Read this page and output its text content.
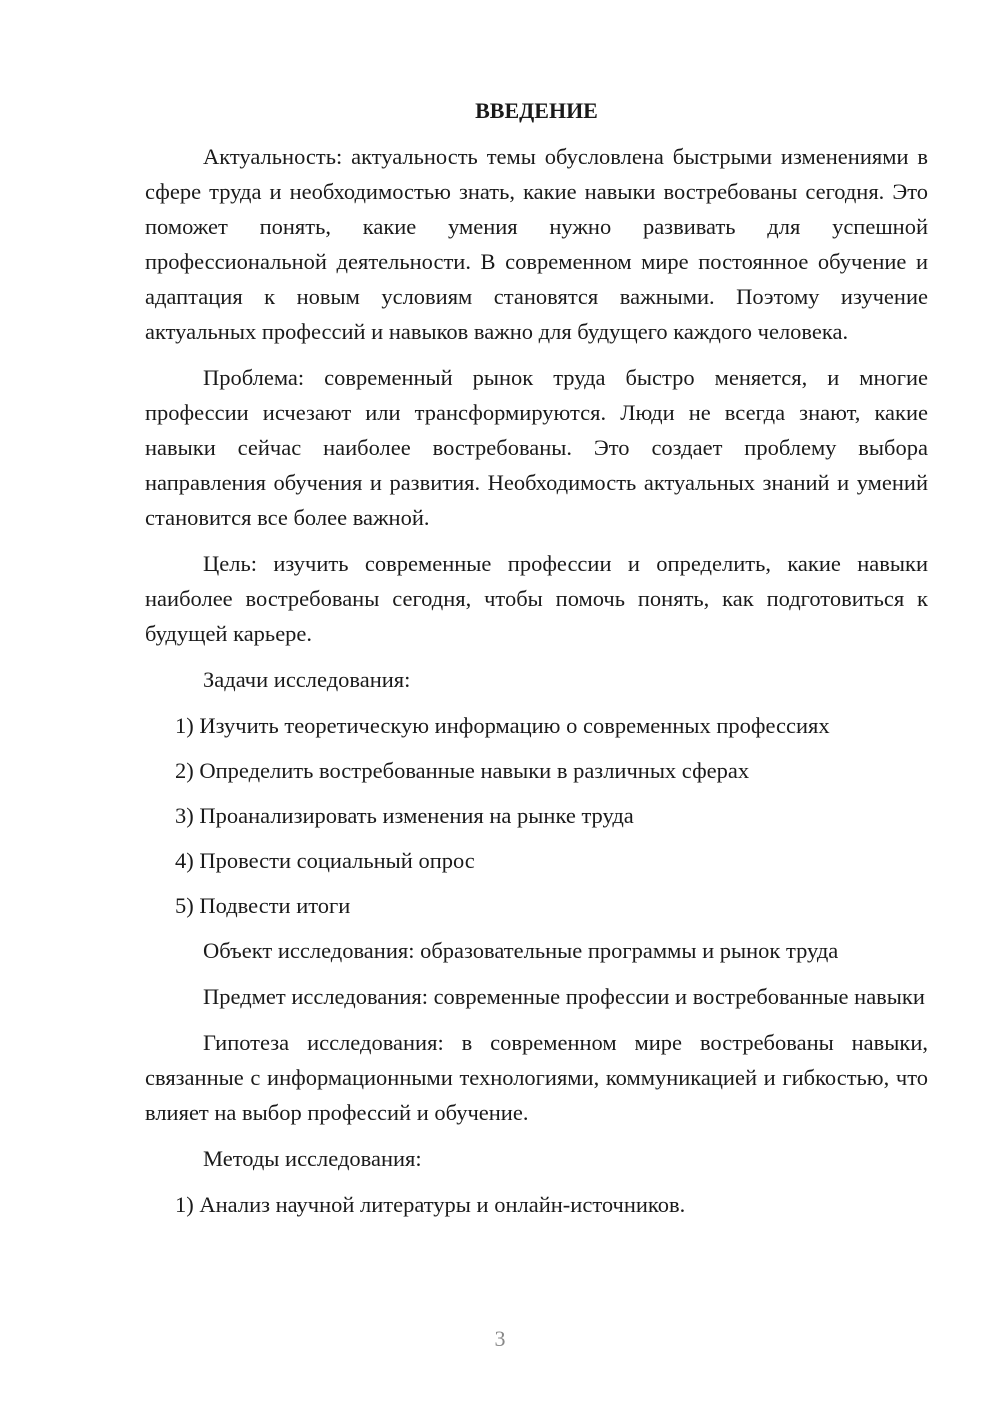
ВВЕДЕНИЕ

Актуальность: актуальность темы обусловлена быстрыми изменениями в сфере труда и необходимостью знать, какие навыки востребованы сегодня. Это поможет понять, какие умения нужно развивать для успешной профессиональной деятельности. В современном мире постоянное обучение и адаптация к новым условиям становятся важными. Поэтому изучение актуальных профессий и навыков важно для будущего каждого человека.

Проблема: современный рынок труда быстро меняется, и многие профессии исчезают или трансформируются. Люди не всегда знают, какие навыки сейчас наиболее востребованы. Это создает проблему выбора направления обучения и развития. Необходимость актуальных знаний и умений становится все более важной.

Цель: изучить современные профессии и определить, какие навыки наиболее востребованы сегодня, чтобы помочь понять, как подготовиться к будущей карьере.

Задачи исследования:

1) Изучить теоретическую информацию о современных профессиях
2) Определить востребованные навыки в различных сферах
3) Проанализировать изменения на рынке труда
4) Провести социальный опрос
5) Подвести итоги

Объект исследования: образовательные программы и рынок труда

Предмет исследования: современные профессии и востребованные навыки

Гипотеза исследования: в современном мире востребованы навыки, связанные с информационными технологиями, коммуникацией и гибкостью, что влияет на выбор профессий и обучение.

Методы исследования:

1) Анализ научной литературы и онлайн-источников.
3
